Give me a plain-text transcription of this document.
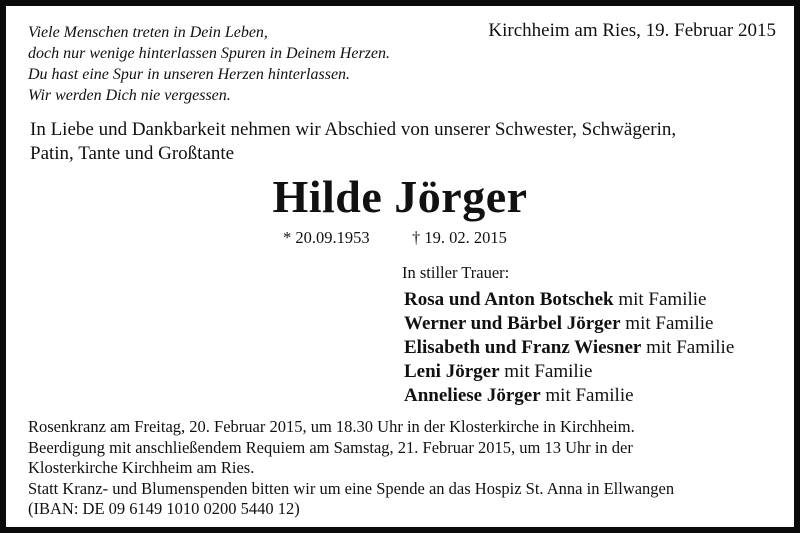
Viele Menschen treten in Dein Leben,
doch nur wenige hinterlassen Spuren in Deinem Herzen.
Du hast eine Spur in unseren Herzen hinterlassen.
Wir werden Dich nie vergessen.
Kirchheim am Ries, 19. Februar 2015
In Liebe und Dankbarkeit nehmen wir Abschied von unserer Schwester, Schwägerin,
Patin, Tante und Großtante
Hilde Jörger
* 20.09.1953	† 19. 02. 2015
In stiller Trauer:
Rosa und Anton Botschek mit Familie
Werner und Bärbel Jörger mit Familie
Elisabeth und Franz Wiesner mit Familie
Leni Jörger mit Familie
Anneliese Jörger mit Familie
Rosenkranz am Freitag, 20. Februar 2015, um 18.30 Uhr in der Klosterkirche in Kirchheim.
Beerdigung mit anschließendem Requiem am Samstag, 21. Februar 2015, um 13 Uhr in der
Klosterkirche Kirchheim am Ries.
Statt Kranz- und Blumenspenden bitten wir um eine Spende an das Hospiz St. Anna in Ellwangen
(IBAN: DE 09 6149 1010 0200 5440 12)
